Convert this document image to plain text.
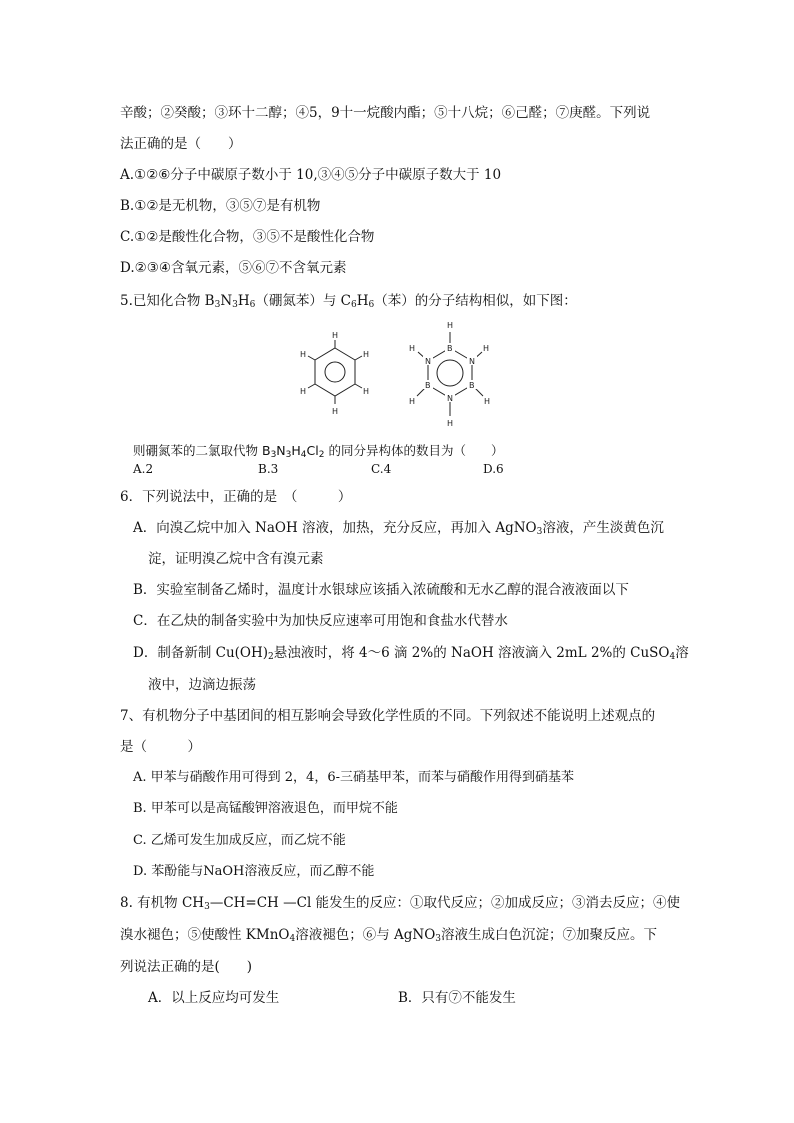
辛酸；②癸酸；③环十二醇；④5，9十一烷酸内酯；⑤十八烷；⑥己醛；⑦庚醛。下列说
法正确的是（　　）
A.①②⑥分子中碳原子数小于 10,③④⑤分子中碳原子数大于 10
B.①②是无机物，③⑤⑦是有机物
C.①②是酸性化合物，③⑤不是酸性化合物
D.②③④含氧元素，⑤⑥⑦不含氧元素
5.已知化合物 $B_3N_3H_6$（硼氮苯）与 $C_6H_6$（苯）的分子结构相似，如下图：
H
H
H
H
H
H
B
N
B
N
B
N
H
H
H
H
H
H
则硼氮苯的二氯取代物 $B_3N_3H_4Cl_2$ 的同分异构体的数目为（　　）
A.2	B.3	C.4	D.6
6．下列说法中，正确的是　（　　　）
A．向溴乙烷中加入 NaOH 溶液，加热，充分反应，再加入 AgNO$_3$溶液，产生淡黄色沉
淀，证明溴乙烷中含有溴元素
B．实验室制备乙烯时，温度计水银球应该插入浓硫酸和无水乙醇的混合液液面以下
C．在乙炔的制备实验中为加快反应速率可用饱和食盐水代替水
D．制备新制 $Cu(OH)_2$悬浊液时，将 4～6 滴 2%的 NaOH 溶液滴入 2mL 2%的 CuSO$_4$溶
液中，边滴边振荡
7、有机物分子中基团间的相互影响会导致化学性质的不同。下列叙述不能说明上述观点的
是（　　　）
A. 甲苯与硝酸作用可得到 2，4，6-三硝基甲苯，而苯与硝酸作用得到硝基苯
B. 甲苯可以是高锰酸钾溶液退色，而甲烷不能
C. 乙烯可发生加成反应，而乙烷不能
D. 苯酚能与NaOH溶液反应，而乙醇不能
8. 有机物 $CH_3—CH=CH$ —Cl 能发生的反应：①取代反应；②加成反应；③消去反应；④使
溴水褪色；⑤使酸性 KMnO$_4$溶液褪色；⑥与 AgNO$_3$溶液生成白色沉淀；⑦加聚反应。下
列说法正确的是(　　)
A．以上反应均可发生	B．只有⑦不能发生
